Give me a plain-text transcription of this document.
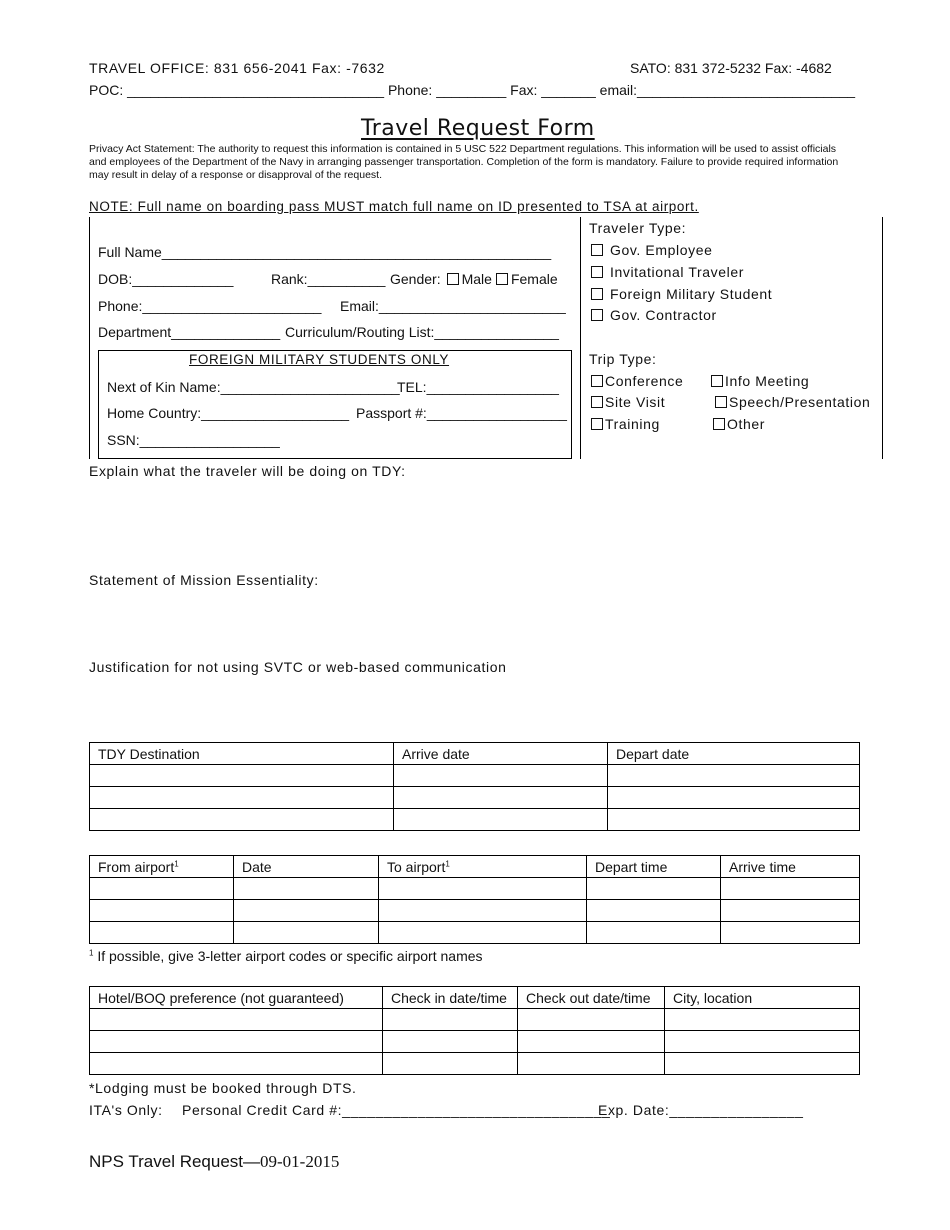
TRAVEL OFFICE: 831 656-2041 Fax: -7632	SATO: 831 372-5232 Fax: -4682
POC: _________________________________ Phone: _________ Fax: _______ email:____________________________
Travel Request Form
Privacy Act Statement: The authority to request this information is contained in 5 USC 522 Department regulations. This information will be used to assist officials and employees of the Department of the Navy in arranging passenger transportation. Completion of the form is mandatory. Failure to provide required information may result in delay of a response or disapproval of the request.
NOTE: Full name on boarding pass MUST match full name on ID presented to TSA at airport.
Full Name__________________________________________________
DOB:_____________	Rank:__________ Gender: Male Female
Phone:_______________________ Email:________________________
Department______________ Curriculum/Routing List:________________
FOREIGN MILITARY STUDENTS ONLY
Next of Kin Name:_______________________
TEL:_________________
Home Country:___________________ Passport #:__________________
SSN:__________________
Traveler Type:
Gov. Employee
Invitational Traveler
Foreign Military Student
Gov. Contractor
Trip Type:
Conference	Info Meeting
Site Visit	Speech/Presentation
Training	Other
Explain what the traveler will be doing on TDY:
Statement of Mission Essentiality:
Justification for not using SVTC or web-based communication
TDY Destination	Arrive date	Depart date

From airport$^1$	Date	To airport$^1$	Depart time	Arrive time

$^1$ If possible, give 3-letter airport codes or specific airport names
Hotel/BOQ preference (not guaranteed)	Check in date/time	Check out date/time	City, location

*Lodging must be booked through DTS.
ITA's Only: Personal Credit Card #:________________________________
Exp. Date:________________
NPS Travel Request—09-01-2015
